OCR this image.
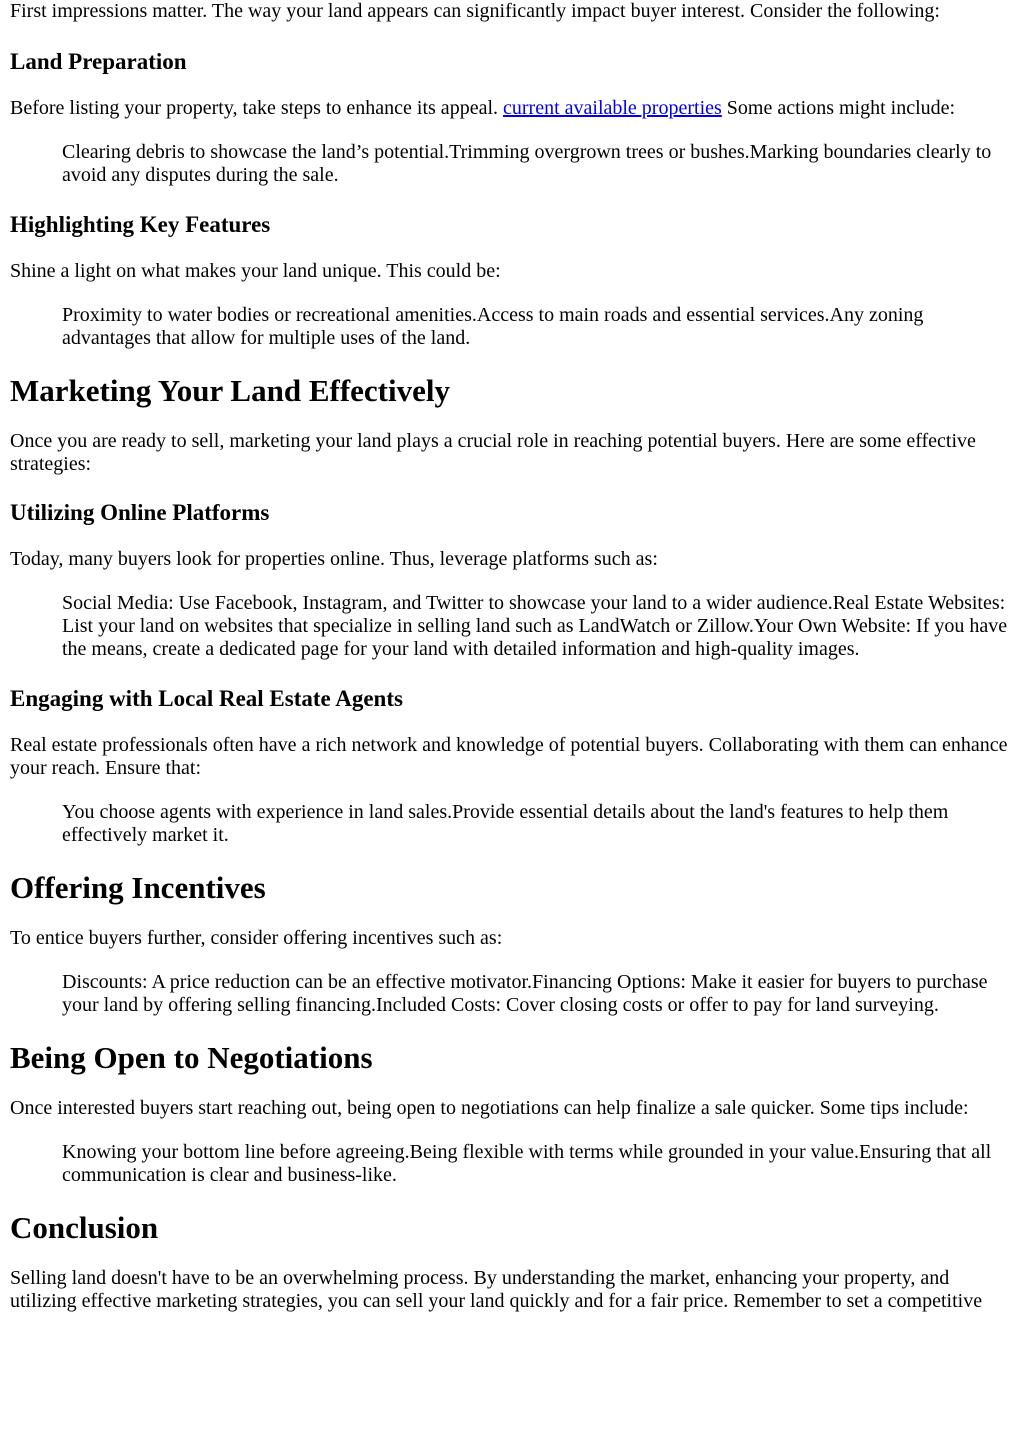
First impressions matter. The way your land appears can significantly impact buyer interest. Consider the following:

Land Preparation

Before listing your property, take steps to enhance its appeal. current available properties Some actions might include:

Clearing debris to showcase the land’s potential.Trimming overgrown trees or bushes.Marking boundaries clearly to avoid any disputes during the sale.

Highlighting Key Features

Shine a light on what makes your land unique. This could be:

Proximity to water bodies or recreational amenities.Access to main roads and essential services.Any zoning advantages that allow for multiple uses of the land.

Marketing Your Land Effectively

Once you are ready to sell, marketing your land plays a crucial role in reaching potential buyers. Here are some effective strategies:

Utilizing Online Platforms

Today, many buyers look for properties online. Thus, leverage platforms such as:

Social Media: Use Facebook, Instagram, and Twitter to showcase your land to a wider audience.Real Estate Websites: List your land on websites that specialize in selling land such as LandWatch or Zillow.Your Own Website: If you have the means, create a dedicated page for your land with detailed information and high-quality images.

Engaging with Local Real Estate Agents

Real estate professionals often have a rich network and knowledge of potential buyers. Collaborating with them can enhance your reach. Ensure that:

You choose agents with experience in land sales.Provide essential details about the land's features to help them effectively market it.

Offering Incentives

To entice buyers further, consider offering incentives such as:

Discounts: A price reduction can be an effective motivator.Financing Options: Make it easier for buyers to purchase your land by offering selling financing.Included Costs: Cover closing costs or offer to pay for land surveying.

Being Open to Negotiations

Once interested buyers start reaching out, being open to negotiations can help finalize a sale quicker. Some tips include:

Knowing your bottom line before agreeing.Being flexible with terms while grounded in your value.Ensuring that all communication is clear and business-like.

Conclusion

Selling land doesn't have to be an overwhelming process. By understanding the market, enhancing your property, and utilizing effective marketing strategies, you can sell your land quickly and for a fair price. Remember to set a competitive
